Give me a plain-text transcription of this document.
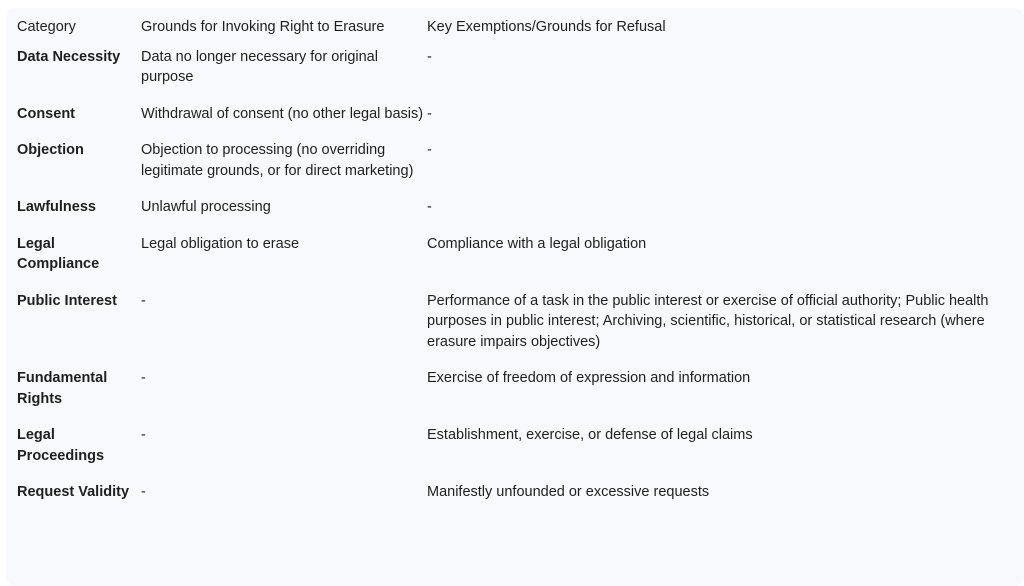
Category	Grounds for Invoking Right to Erasure	Key Exemptions/Grounds for Refusal
Data Necessity	Data no longer necessary for original purpose	-
Consent	Withdrawal of consent (no other legal basis)	-
Objection	Objection to processing (no overriding legitimate grounds, or for direct marketing)	-
Lawfulness	Unlawful processing	-
Legal Compliance	Legal obligation to erase	Compliance with a legal obligation
Public Interest	-	Performance of a task in the public interest or exercise of official authority; Public health purposes in public interest; Archiving, scientific, historical, or statistical research (where erasure impairs objectives)
Fundamental Rights	-	Exercise of freedom of expression and information
Legal Proceedings	-	Establishment, exercise, or defense of legal claims
Request Validity	-	Manifestly unfounded or excessive requests
